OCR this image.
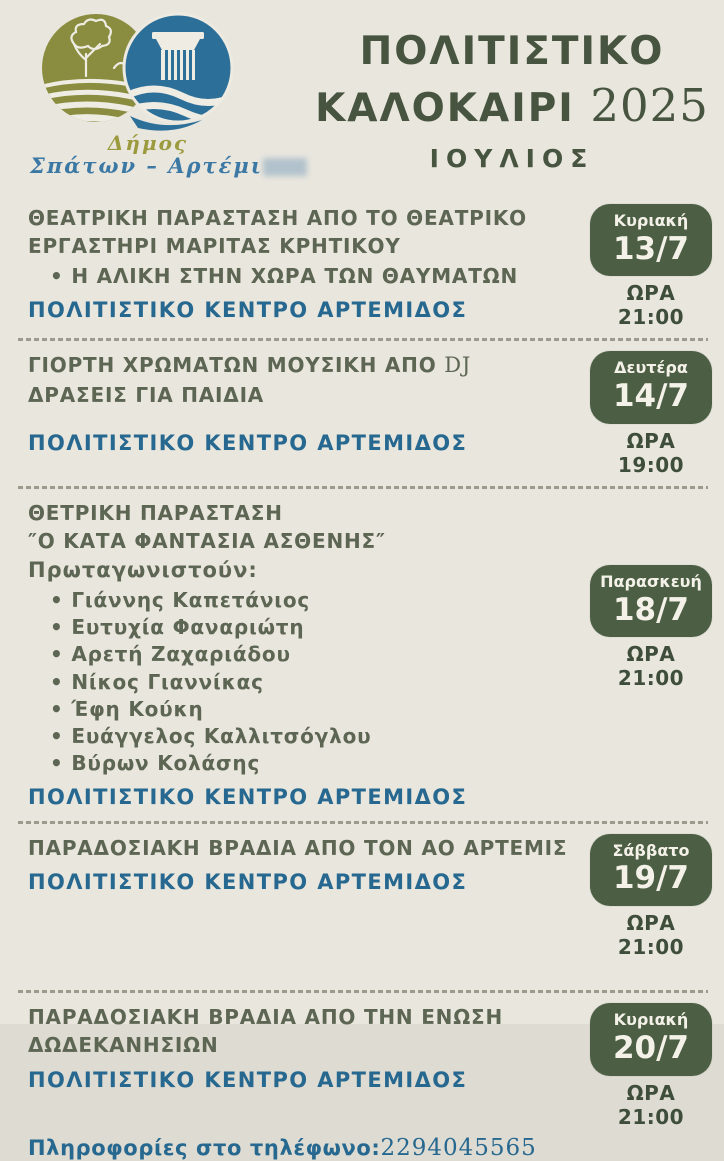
Δήμος
Σπάτων – Αρτέμι
ΠΟΛΙΤΙΣΤΙΚΟ
ΚΑΛΟΚΑΙΡΙ 2025
ΙΟΥΛΙΟΣ
ΘΕΑΤΡΙΚΗ ΠΑΡΑΣΤΑΣΗ ΑΠΟ ΤΟ ΘΕΑΤΡΙΚΟ
ΕΡΓΑΣΤΗΡΙ ΜΑΡΙΤΑΣ ΚΡΗΤΙΚΟΥ
• Η ΑΛΙΚΗ ΣΤΗΝ ΧΩΡΑ ΤΩΝ ΘΑΥΜΑΤΩΝ
ΠΟΛΙΤΙΣΤΙΚΟ ΚΕΝΤΡΟ ΑΡΤΕΜΙΔΟΣ
Κυριακή
13/7
ΩΡΑ 21:00
ΓΙΟΡΤΗ ΧΡΩΜΑΤΩΝ ΜΟΥΣΙΚΗ ΑΠΟ DJ
ΔΡΑΣΕΙΣ ΓΙΑ ΠΑΙΔΙΑ
ΠΟΛΙΤΙΣΤΙΚΟ ΚΕΝΤΡΟ ΑΡΤΕΜΙΔΟΣ
Δευτέρα
14/7
ΩΡΑ 19:00
ΘΕΤΡΙΚΗ ΠΑΡΑΣΤΑΣΗ
″Ο ΚΑΤΑ ΦΑΝΤΑΣΙΑ ΑΣΘΕΝΗΣ″
Πρωταγωνιστούν:
• Γιάννης Καπετάνιος
• Ευτυχία Φαναριώτη
• Αρετή Ζαχαριάδου
• Νίκος Γιαννίκας
• Έφη Κούκη
• Ευάγγελος Καλλιτσόγλου
• Βύρων Κολάσης
ΠΟΛΙΤΙΣΤΙΚΟ ΚΕΝΤΡΟ ΑΡΤΕΜΙΔΟΣ
Παρασκευή
18/7
ΩΡΑ 21:00
ΠΑΡΑΔΟΣΙΑΚΗ ΒΡΑΔΙΑ ΑΠΟ ΤΟΝ ΑΟ ΑΡΤΕΜΙΣ
ΠΟΛΙΤΙΣΤΙΚΟ ΚΕΝΤΡΟ ΑΡΤΕΜΙΔΟΣ
Σάββατο
19/7
ΩΡΑ 21:00
ΠΑΡΑΔΟΣΙΑΚΗ ΒΡΑΔΙΑ ΑΠΟ ΤΗΝ ΕΝΩΣΗ
ΔΩΔΕΚΑΝΗΣΙΩΝ
ΠΟΛΙΤΙΣΤΙΚΟ ΚΕΝΤΡΟ ΑΡΤΕΜΙΔΟΣ
Κυριακή
20/7
ΩΡΑ 21:00
Πληροφορίες στο τηλέφωνο:2294045565
